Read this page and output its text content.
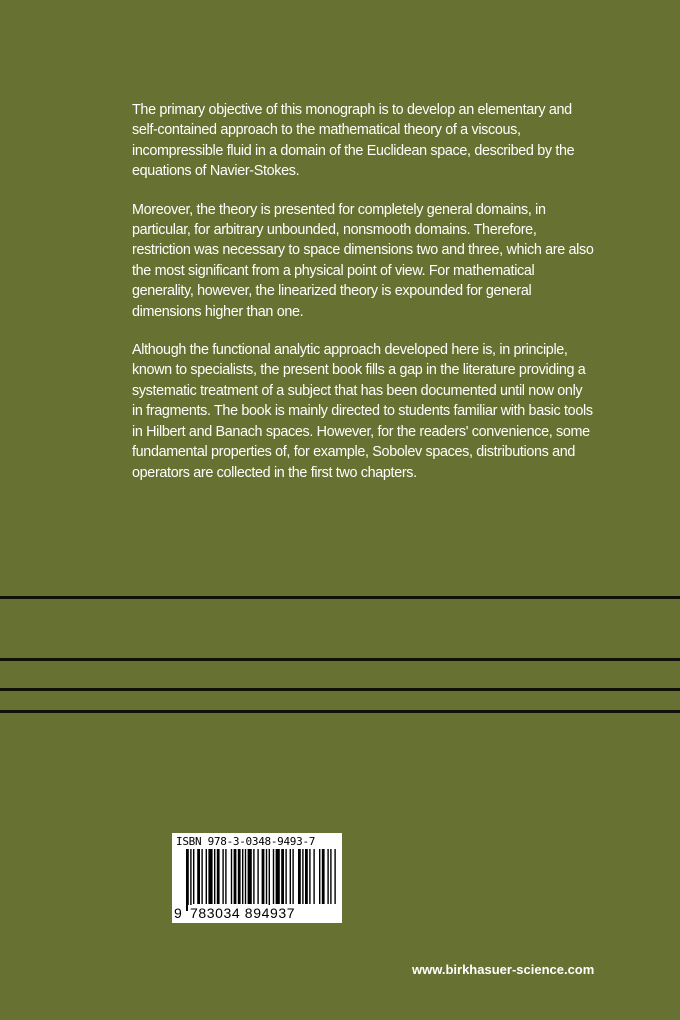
The primary objective of this monograph is to develop an elementary and self-contained approach to the mathematical theory of a viscous, incompressible fluid in a domain of the Euclidean space, described by the equations of Navier-Stokes.

Moreover, the theory is presented for completely general domains, in particular, for arbitrary unbounded, nonsmooth domains. Therefore, restriction was necessary to space dimensions two and three, which are also the most significant from a physical point of view. For mathematical generality, however, the linearized theory is expounded for general dimensions higher than one.

Although the functional analytic approach developed here is, in principle, known to specialists, the present book fills a gap in the literature providing a systematic treatment of a subject that has been documented until now only in fragments. The book is mainly directed to students familiar with basic tools in Hilbert and Banach spaces. However, for the readers' convenience, some fundamental properties of, for example, Sobolev spaces, distributions and operators are collected in the first two chapters.

ISBN 978-3-0348-9493-7
9 783034 894937
www.birkhasuer-science.com
